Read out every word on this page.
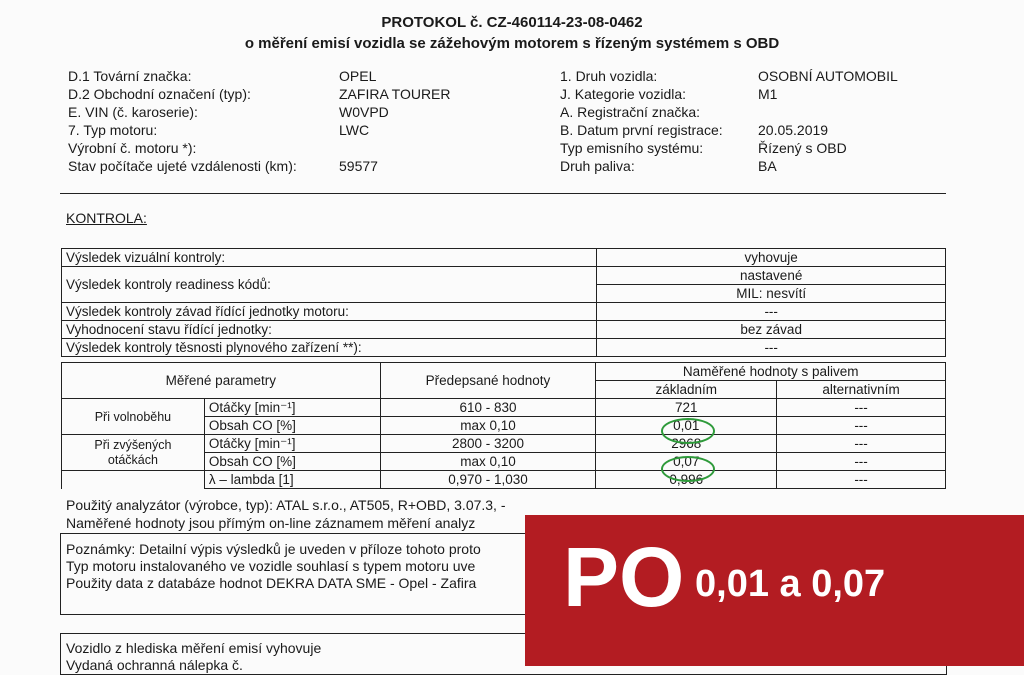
PROTOKOL č. CZ-460114-23-08-0462
o měření emisí vozidla se zážehovým motorem s řízeným systémem s OBD
D.1 Tovární značka:	OPEL
D.2 Obchodní označení (typ):	ZAFIRA TOURER
E. VIN (č. karoserie):	W0VPD
7. Typ motoru:	LWC
Výrobní č. motoru *):
Stav počítače ujeté vzdálenosti (km):	59577
1. Druh vozidla:	OSOBNÍ AUTOMOBIL
J. Kategorie vozidla:	M1
A. Registrační značka:
B. Datum první registrace:	20.05.2019
Typ emisního systému:	Řízený s OBD
Druh paliva:	BA
KONTROLA:
Výsledek vizuální kontroly:	vyhovuje
Výsledek kontroly readiness kódů:	nastavené
	MIL: nesvítí
Výsledek kontroly závad řídící jednotky motoru:	---
Vyhodnocení stavu řídící jednotky:	bez závad
Výsledek kontroly těsnosti plynového zařízení **):	---
Měřené parametry		Předepsané hodnoty	Naměřené hodnoty s palivem	
			základním	alternativním
Při volnoběhu	Otáčky [min⁻¹]	610 - 830	721	---
	Obsah CO [%]	max 0,10	0,01	---

Při zvýšených
otáčkách	Otáčky [min⁻¹]	2800 - 3200	2968	---
	Obsah CO [%]	max 0,10	0,07	---
	λ – lambda [1]	0,970 - 1,030	0,996	---
Použitý analyzátor (výrobce, typ): ATAL s.r.o., AT505, R+OBD, 3.07.3, -
Naměřené hodnoty jsou přímým on-line záznamem měření analyz
Poznámky: Detailní výpis výsledků je uveden v příloze tohoto proto
Typ motoru instalovaného ve vozidle souhlasí s typem motoru uve
Použity data z databáze hodnot DEKRA DATA SME - Opel - Zafira
Vozidlo z hlediska měření emisí vyhovuje
Vydaná ochranná nálepka č.
PO 0,01 a 0,07
